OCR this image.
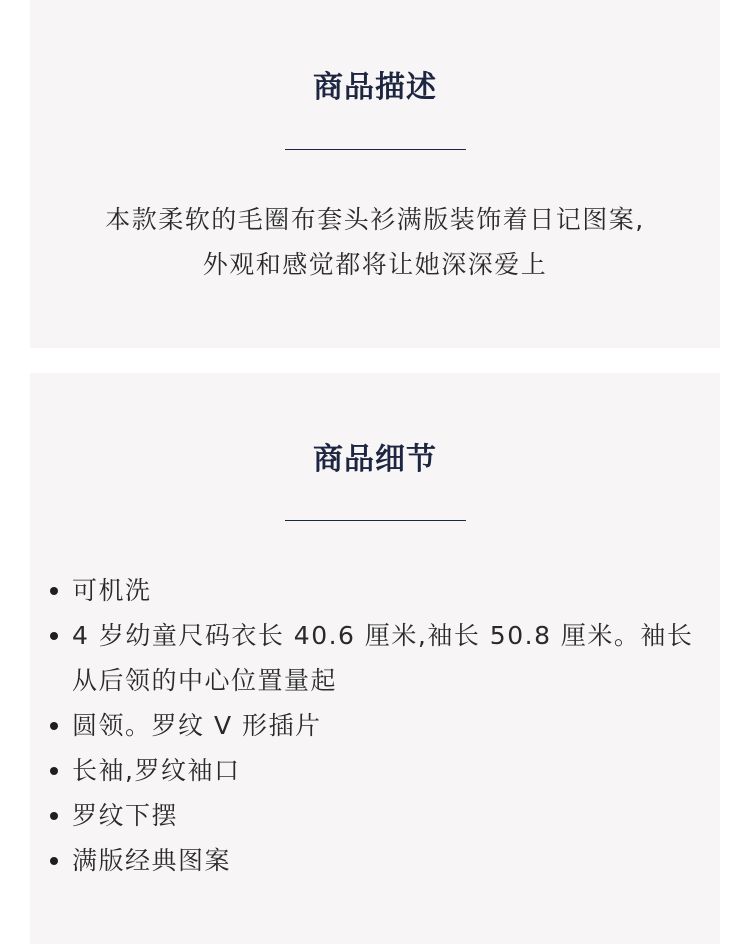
商品描述
本款柔软的毛圈布套头衫满版装饰着日记图案,
外观和感觉都将让她深深爱上
商品细节
可机洗
4 岁幼童尺码衣长 40.6 厘米,袖长 50.8 厘米。袖长从后领的中心位置量起
圆领。罗纹 V 形插片
长袖,罗纹袖口
罗纹下摆
满版经典图案
